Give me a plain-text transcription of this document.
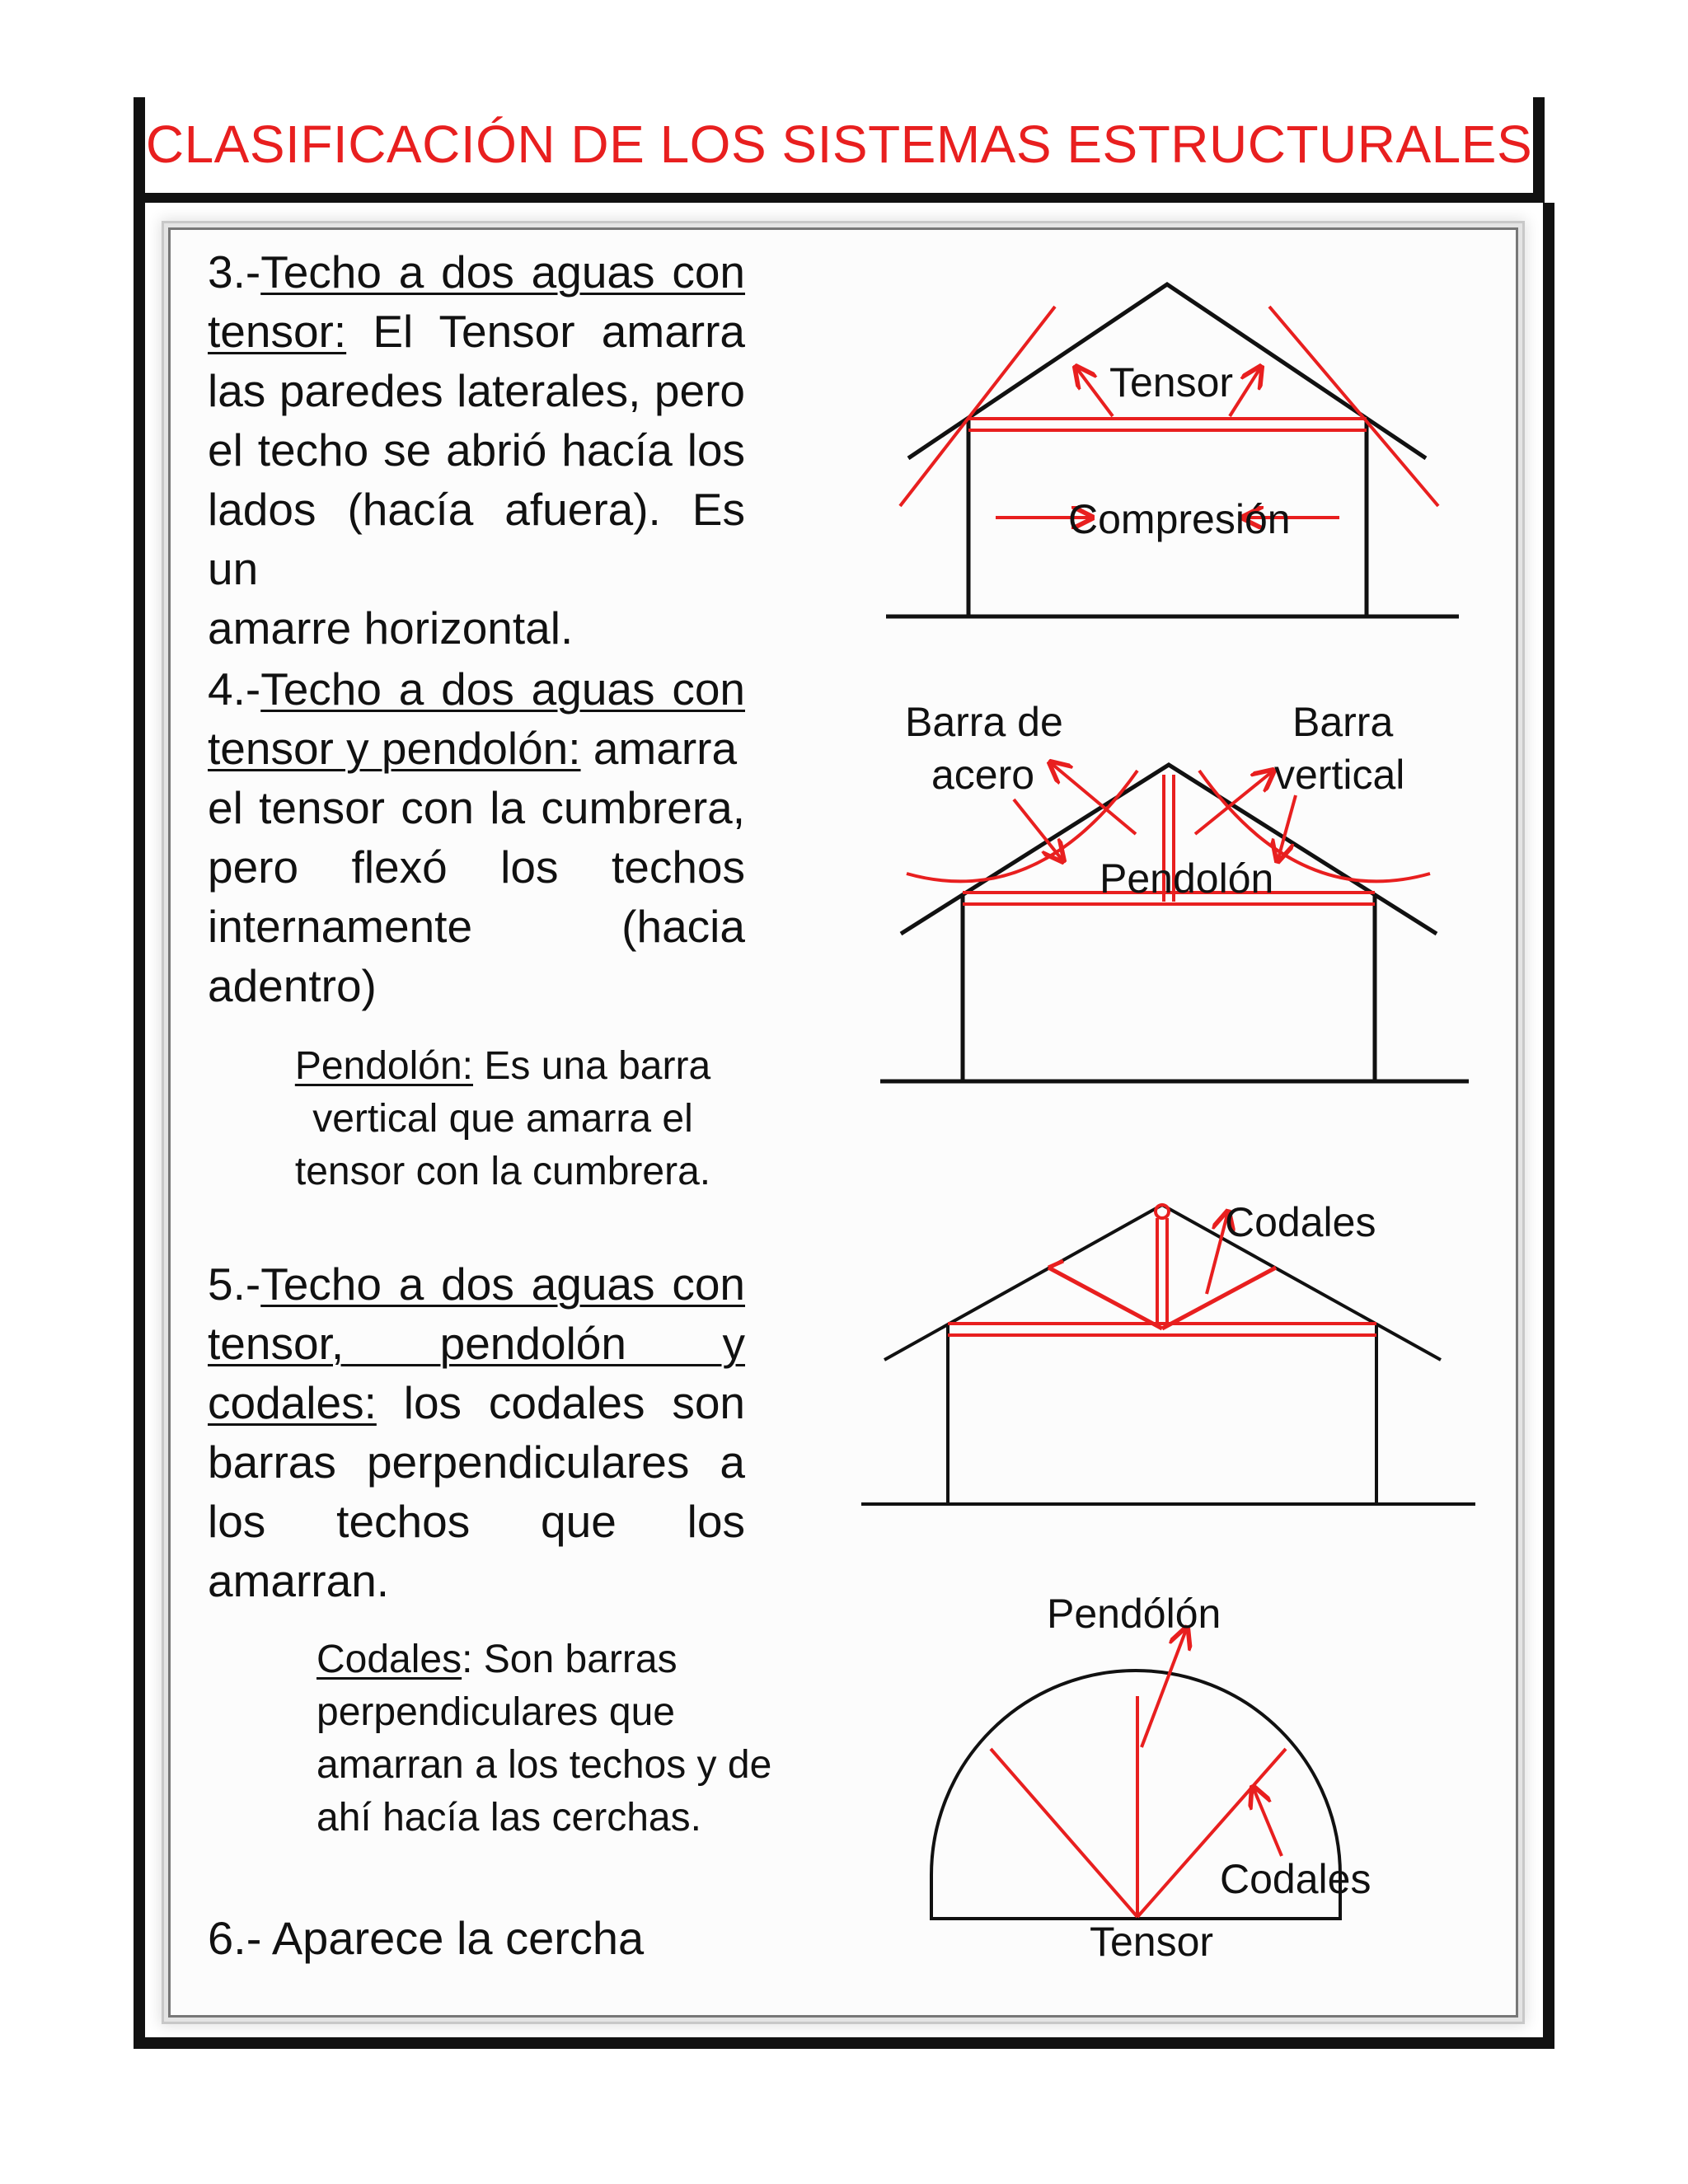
CLASIFICACIÓN DE LOS SISTEMAS ESTRUCTURALES
3.-Techo a dos aguas con
tensor: El Tensor amarra
las paredes laterales, pero
el techo se abrió hacía los
lados (hacía afuera). Es un
amarre horizontal.
4.-Techo a dos aguas con
tensor y pendolón: amarra
el tensor con la cumbrera,
pero flexó los techos
internamente (hacia
adentro)
Pendolón: Es una barra
vertical que amarra el
tensor con la cumbrera.
5.-Techo a dos aguas con
tensor, pendolón y
codales: los codales son
barras perpendiculares a
los techos que los
amarran.
Codales: Son barras
perpendiculares que
amarran a los techos y de
ahí hacía las cerchas.
6.- Aparece la cercha
Tensor
Compresión
Barra de
acero
Barra
vertical
Pendolón
Codales
Pendólón
Codales
Tensor
